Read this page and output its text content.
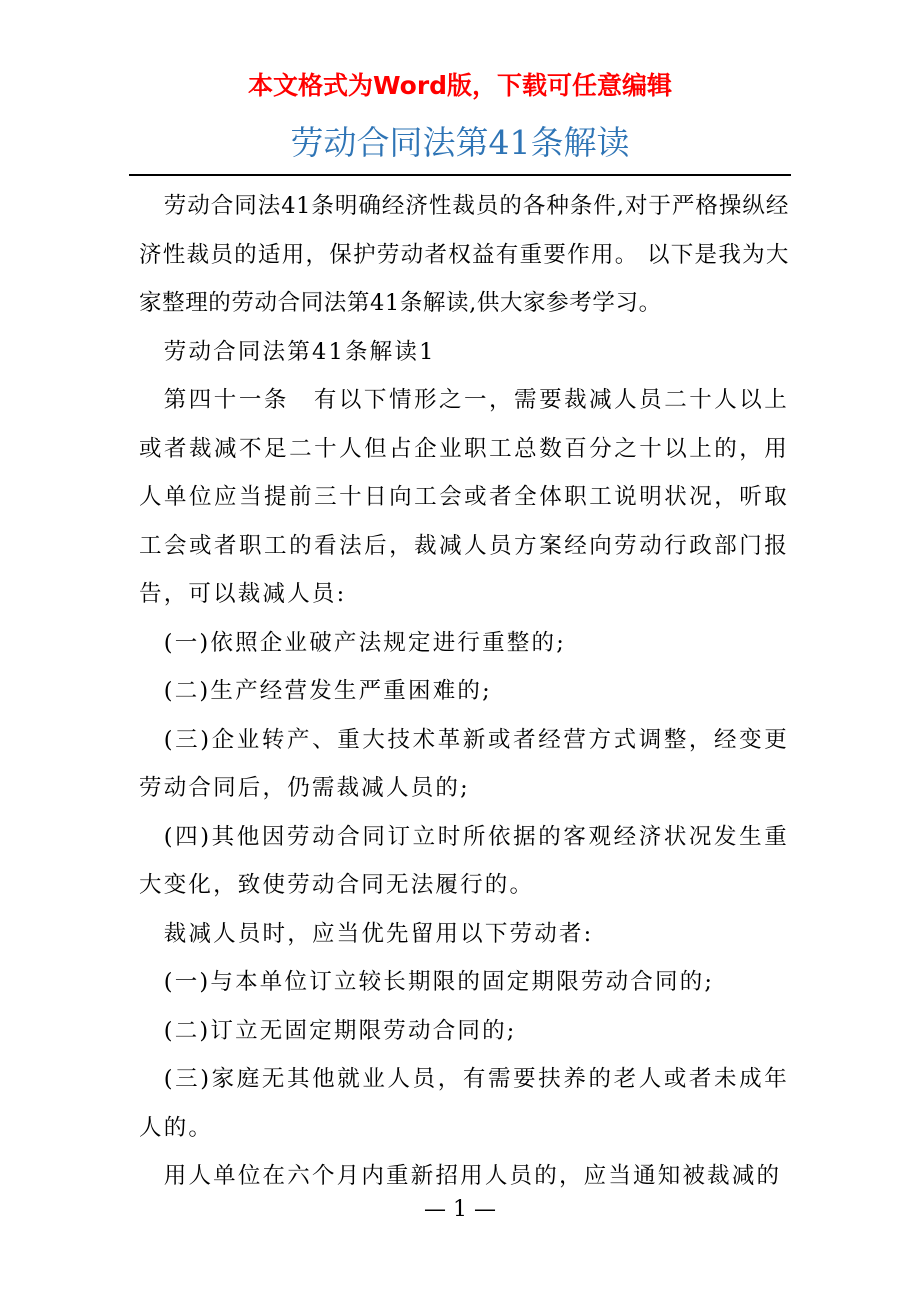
本文格式为Word版，下载可任意编辑
劳动合同法第41条解读

劳动合同法41条明确经济性裁员的各种条件,对于严格操纵经济性裁员的适用，保护劳动者权益有重要作用。 以下是我为大家整理的劳动合同法第41条解读,供大家参考学习。

劳动合同法第41条解读1

第四十一条　有以下情形之一，需要裁减人员二十人以上或者裁减不足二十人但占企业职工总数百分之十以上的，用人单位应当提前三十日向工会或者全体职工说明状况，听取工会或者职工的看法后，裁减人员方案经向劳动行政部门报告，可以裁减人员:

(一)依照企业破产法规定进行重整的;

(二)生产经营发生严重困难的;

(三)企业转产、重大技术革新或者经营方式调整，经变更劳动合同后，仍需裁减人员的;

(四)其他因劳动合同订立时所依据的客观经济状况发生重大变化，致使劳动合同无法履行的。

裁减人员时，应当优先留用以下劳动者:

(一)与本单位订立较长期限的固定期限劳动合同的;

(二)订立无固定期限劳动合同的;

(三)家庭无其他就业人员，有需要扶养的老人或者未成年人的。

用人单位在六个月内重新招用人员的，应当通知被裁减的

— 1 —
